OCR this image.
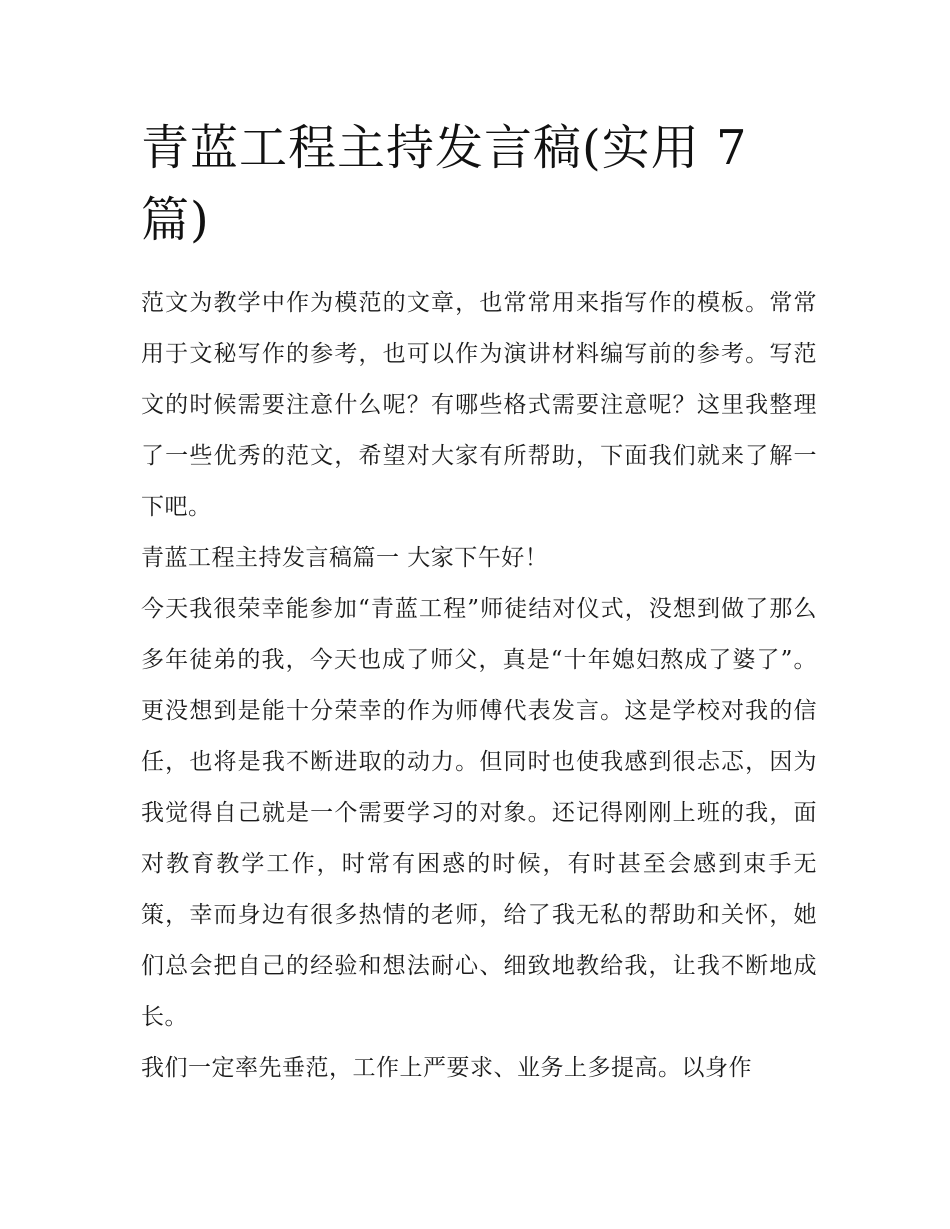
青蓝工程主持发言稿(实用 7 篇)

范文为教学中作为模范的文章，也常常用来指写作的模板。常常用于文秘写作的参考，也可以作为演讲材料编写前的参考。写范文的时候需要注意什么呢？有哪些格式需要注意呢？这里我整理了一些优秀的范文，希望对大家有所帮助，下面我们就来了解一下吧。

青蓝工程主持发言稿篇一 大家下午好！

今天我很荣幸能参加“青蓝工程”师徒结对仪式，没想到做了那么多年徒弟的我，今天也成了师父，真是“十年媳妇熬成了婆了”。更没想到是能十分荣幸的作为师傅代表发言。这是学校对我的信任，也将是我不断进取的动力。但同时也使我感到很忐忑，因为我觉得自己就是一个需要学习的对象。还记得刚刚上班的我，面对教育教学工作，时常有困惑的时候，有时甚至会感到束手无策，幸而身边有很多热情的老师，给了我无私的帮助和关怀，她们总会把自己的经验和想法耐心、细致地教给我，让我不断地成长。

我们一定率先垂范，工作上严要求、业务上多提高。以身作
